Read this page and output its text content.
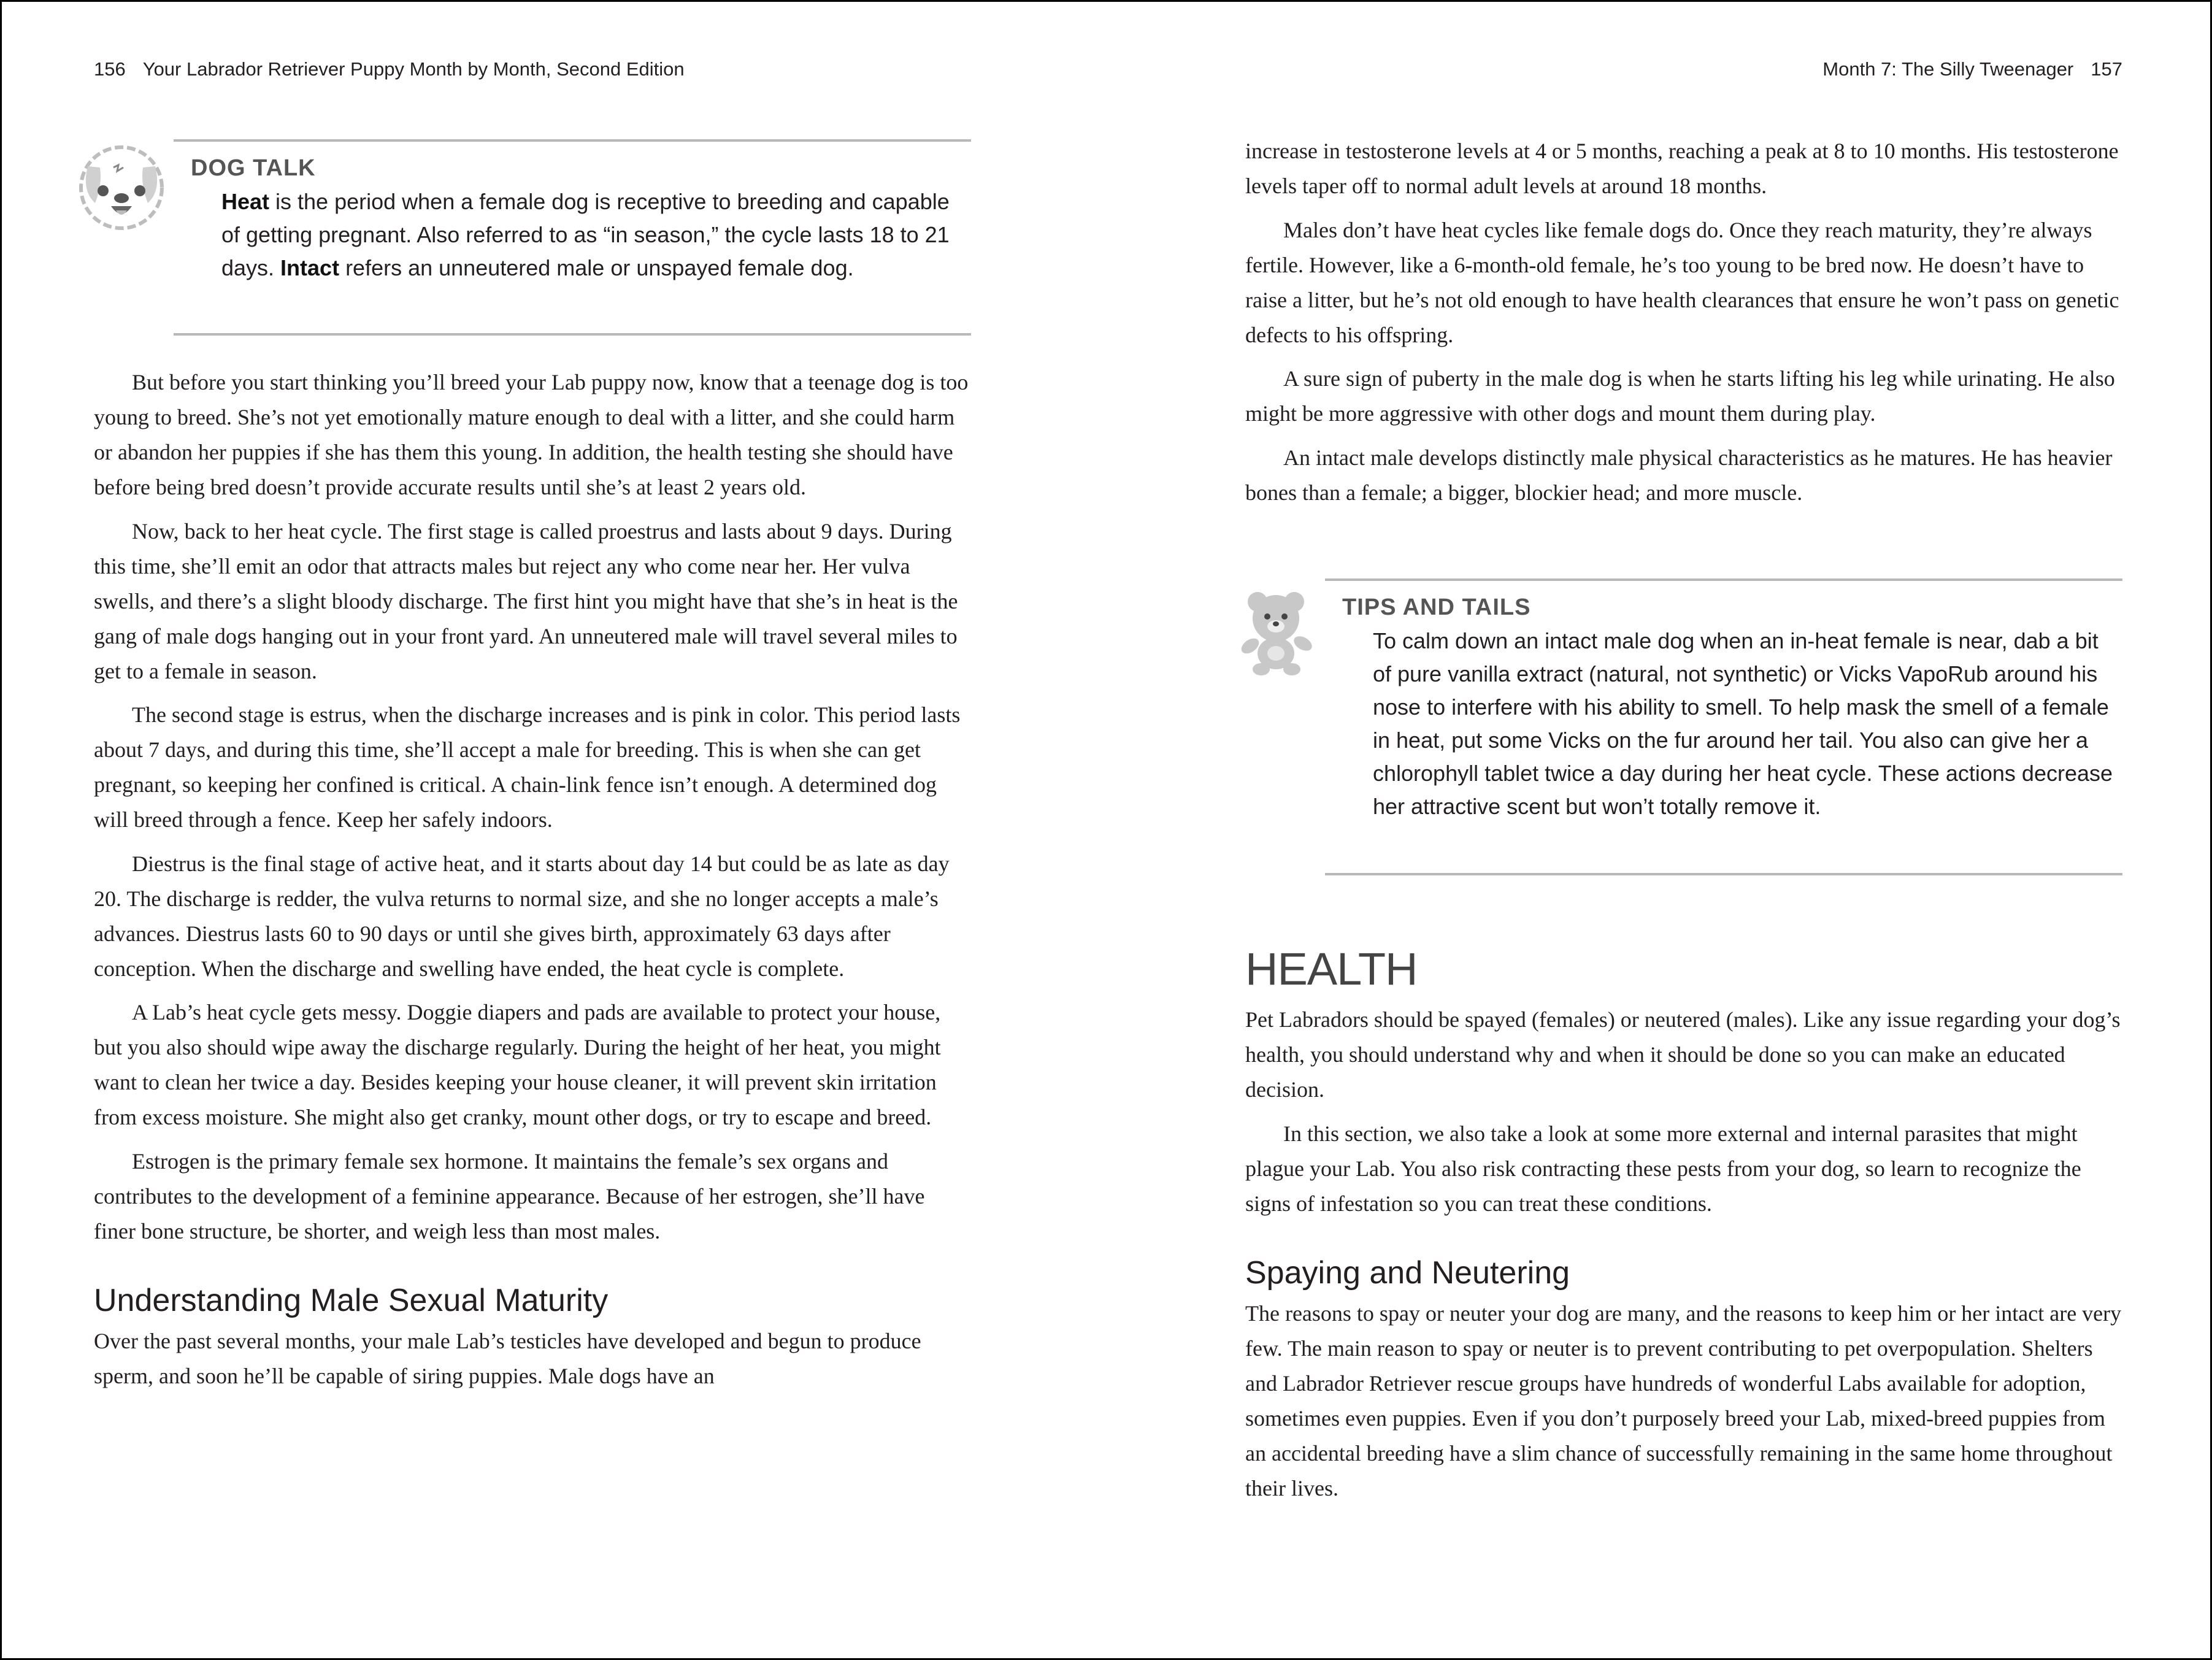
156 Your Labrador Retriever Puppy Month by Month, Second Edition
DOG TALK
Heat is the period when a female dog is receptive to breeding and capable of getting pregnant. Also referred to as “in season,” the cycle lasts 18 to 21 days. Intact refers an unneutered male or unspayed female dog.

But before you start thinking you’ll breed your Lab puppy now, know that a teenage dog is too young to breed. She’s not yet emotionally mature enough to deal with a litter, and she could harm or abandon her puppies if she has them this young. In addition, the health testing she should have before being bred doesn’t provide accurate results until she’s at least 2 years old.

Now, back to her heat cycle. The first stage is called proestrus and lasts about 9 days. During this time, she’ll emit an odor that attracts males but reject any who come near her. Her vulva swells, and there’s a slight bloody discharge. The first hint you might have that she’s in heat is the gang of male dogs hanging out in your front yard. An unneutered male will travel several miles to get to a female in season.

The second stage is estrus, when the discharge increases and is pink in color. This period lasts about 7 days, and during this time, she’ll accept a male for breeding. This is when she can get pregnant, so keeping her confined is critical. A chain-link fence isn’t enough. A determined dog will breed through a fence. Keep her safely indoors.

Diestrus is the final stage of active heat, and it starts about day 14 but could be as late as day 20. The discharge is redder, the vulva returns to normal size, and she no longer accepts a male’s advances. Diestrus lasts 60 to 90 days or until she gives birth, approximately 63 days after conception. When the discharge and swelling have ended, the heat cycle is complete.

A Lab’s heat cycle gets messy. Doggie diapers and pads are available to protect your house, but you also should wipe away the discharge regularly. During the height of her heat, you might want to clean her twice a day. Besides keeping your house cleaner, it will prevent skin irritation from excess moisture. She might also get cranky, mount other dogs, or try to escape and breed.

Estrogen is the primary female sex hormone. It maintains the female’s sex organs and contributes to the development of a feminine appearance. Because of her estrogen, she’ll have finer bone structure, be shorter, and weigh less than most males.

Understanding Male Sexual Maturity

Over the past several months, your male Lab’s testicles have developed and begun to produce sperm, and soon he’ll be capable of siring puppies. Male dogs have an

Month 7: The Silly Tweenager 157

increase in testosterone levels at 4 or 5 months, reaching a peak at 8 to 10 months. His testosterone levels taper off to normal adult levels at around 18 months.

Males don’t have heat cycles like female dogs do. Once they reach maturity, they’re always fertile. However, like a 6-month-old female, he’s too young to be bred now. He doesn’t have to raise a litter, but he’s not old enough to have health clearances that ensure he won’t pass on genetic defects to his offspring.

A sure sign of puberty in the male dog is when he starts lifting his leg while urinating. He also might be more aggressive with other dogs and mount them during play.

An intact male develops distinctly male physical characteristics as he matures. He has heavier bones than a female; a bigger, blockier head; and more muscle.

TIPS AND TAILS
To calm down an intact male dog when an in-heat female is near, dab a bit of pure vanilla extract (natural, not synthetic) or Vicks VapoRub around his nose to interfere with his ability to smell. To help mask the smell of a female in heat, put some Vicks on the fur around her tail. You also can give her a chlorophyll tablet twice a day during her heat cycle. These actions decrease her attractive scent but won’t totally remove it.
HEALTH

Pet Labradors should be spayed (females) or neutered (males). Like any issue regarding your dog’s health, you should understand why and when it should be done so you can make an educated decision.

In this section, we also take a look at some more external and internal parasites that might plague your Lab. You also risk contracting these pests from your dog, so learn to recognize the signs of infestation so you can treat these conditions.

Spaying and Neutering

The reasons to spay or neuter your dog are many, and the reasons to keep him or her intact are very few. The main reason to spay or neuter is to prevent contributing to pet overpopulation. Shelters and Labrador Retriever rescue groups have hundreds of wonderful Labs available for adoption, sometimes even puppies. Even if you don’t purposely breed your Lab, mixed-breed puppies from an accidental breeding have a slim chance of successfully remaining in the same home throughout their lives.
